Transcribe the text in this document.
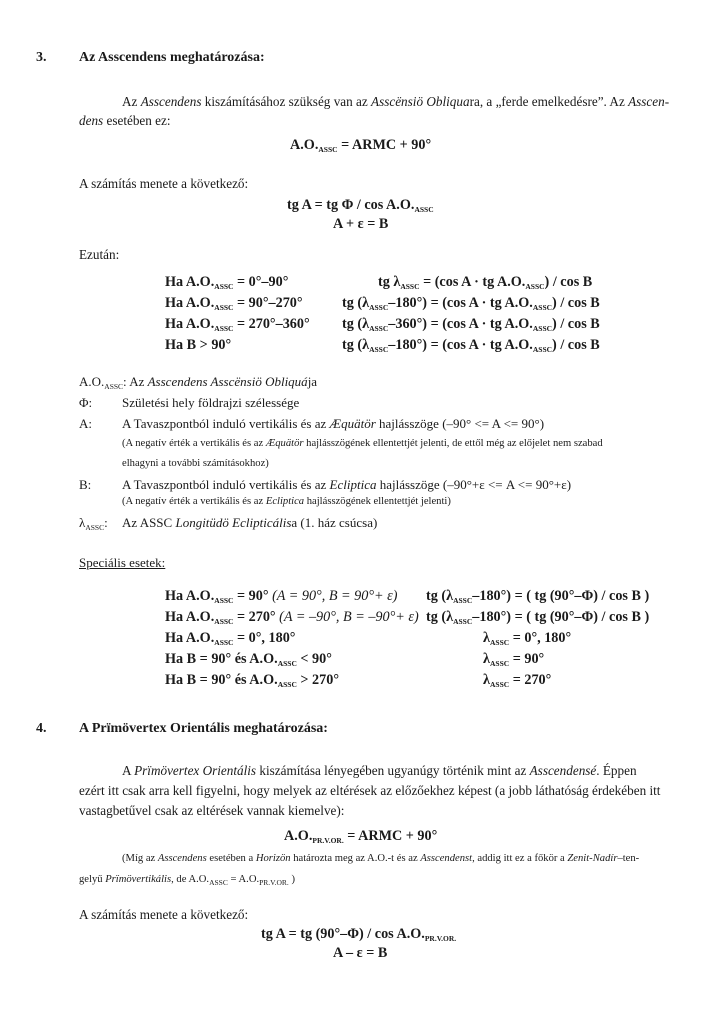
3. Az Asscendens meghatározása:
Az Asscendens kiszámításához szükség van az Asscënsiö Obliquara, a „ferde emelkedésre”. Az Asscen-
dens esetében ez:
$A.O._{ASSC}$ = ARMC + 90°
A számítás menete a következő:
tg A = tg Φ / $\cos A.O._{ASSC}$
A + ε = B
Ezután:
Ha $A.O._{ASSC} = 0^\circ-90^\circ$	tg $\lambda_{ASSC} = (\cos$ A · tg $A.O._{ASSC}$) / cos B
Ha $A.O._{ASSC} = 90^\circ-270^\circ$	tg $(\lambda_{ASSC}-180^\circ) = (\cos$ A · tg $A.O._{ASSC}$) / cos B
Ha $A.O._{ASSC} = 270^\circ-360^\circ$ tg $(\lambda_{ASSC}-360^\circ) = (\cos$ A · tg $A.O._{ASSC}$) / cos B
Ha B > 90°	tg $(\lambda_{ASSC}-180^\circ) = (\cos$ A · tg $A.O._{ASSC}$) / cos B
$A.O._{ASSC}$: Az Asscendens Asscënsiö Obliquája
Φ: Születési hely földrajzi szélessége
A: A Tavaszpontból induló vertikális és az Æquätör hajlásszöge (–90° <= A <= 90°)
(A negatív érték a vertikális és az Æquätör hajlásszögének ellentettjét jelenti, de ettől még az előjelet nem szabad
elhagyni a további számításokhoz)
B: A Tavaszpontból induló vertikális és az Ecliptica hajlásszöge (–90°+ε <= A <= 90°+ε)
(A negatív érték a vertikális és az Ecliptica hajlásszögének ellentettjét jelenti)
$\lambda_{ASSC}$: Az ASSC Longitüdö Eclipticálisa (1. ház csúcsa)
Speciális esetek:
Ha $A.O._{ASSC} = 90^\circ$ (A = 90°, B = 90°+ ε) tg $(\lambda_{ASSC}-180^\circ)$ = ( tg (90°–Φ) / cos B )
Ha $A.O._{ASSC} = 270^\circ$ (A = –90°, B = –90°+ ε) tg $(\lambda_{ASSC}-180^\circ)$ = ( tg (90°–Φ) / cos B )
Ha $A.O._{ASSC} = 0^\circ$, 180°	$\lambda_{ASSC} = 0^\circ$, 180°
Ha B = 90° és $A.O._{ASSC} < 90^\circ$	$\lambda_{ASSC} = 90^\circ$
Ha B = 90° és $A.O._{ASSC} > 270^\circ$	$\lambda_{ASSC} = 270^\circ$
4. A Prïmövertex Orientális meghatározása:
A Prïmövertex Orientális kiszámítása lényegében ugyanúgy történik mint az Asscendensé. Éppen
ezért itt csak arra kell figyelni, hogy melyek az eltérések az előzőekhez képest (a jobb láthatóság érdekében itt
vastagbetűvel csak az eltérések vannak kiemelve):
$A.O._{PR.V.OR.}$ = ARMC + 90°
(Míg az Asscendens esetében a Horizön határozta meg az A.O.-t és az Asscendenst, addig itt ez a főkör a Zenit-Nadír–ten-
gelyű Prïmövertikális, de $A.O._{ASSC} = A.O._{PR.V.OR.}$ )
A számítás menete a következő:
tg A = tg $(90^\circ-\Phi) / \cos A.O._{PR.V.OR.}$
A – ε = B
